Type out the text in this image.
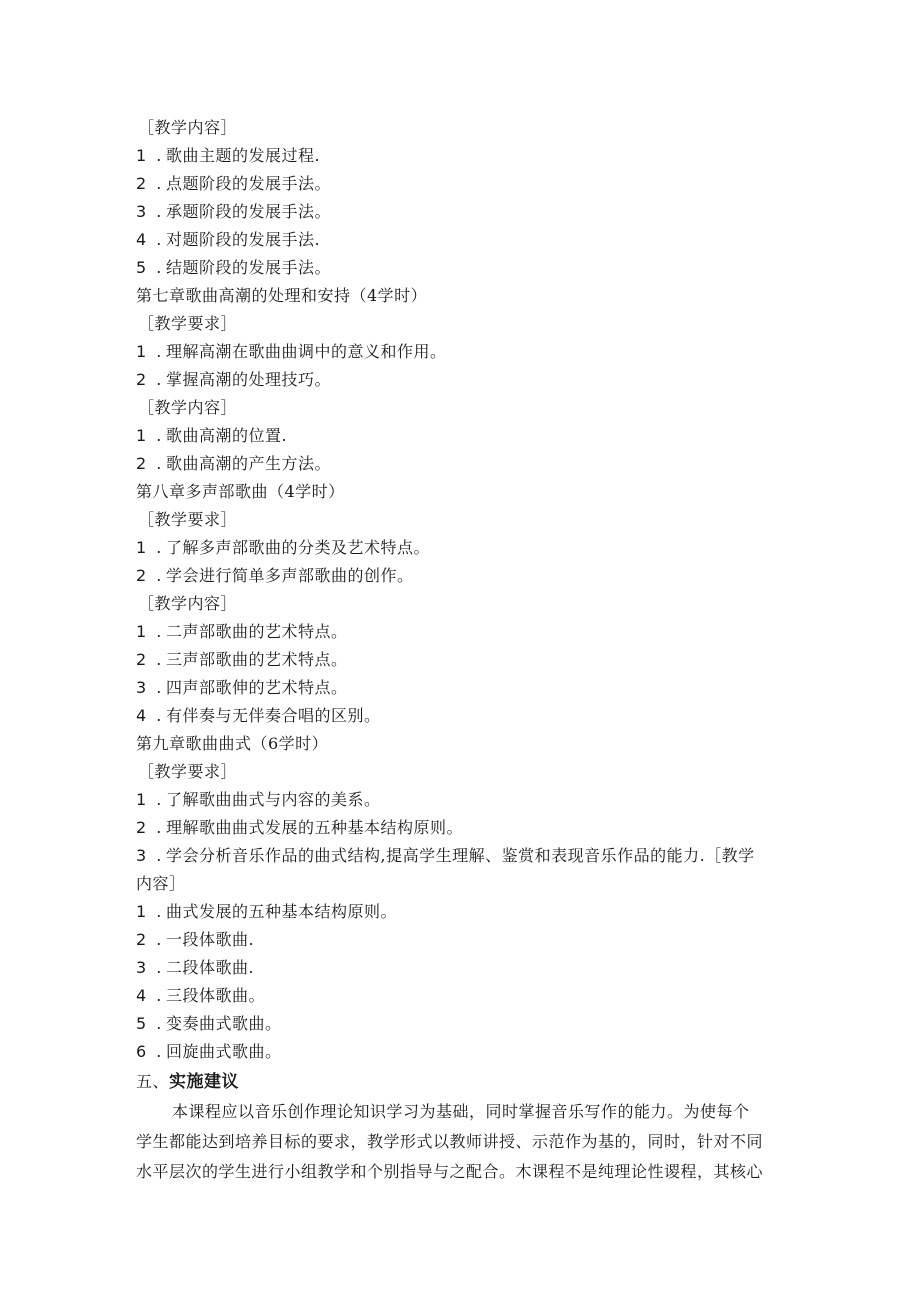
［教学内容］
1 . 歌曲主题的发展过程.
2 . 点题阶段的发展手法。
3 . 承题阶段的发展手法。
4 . 对题阶段的发展手法.
5 . 结题阶段的发展手法。
第七章歌曲高潮的处理和安持（4学时）
［教学要求］
1 . 理解高潮在歌曲曲调中的意义和作用。
2 . 掌握高潮的处理技巧。
［教学内容］
1 . 歌曲高潮的位置.
2 . 歌曲高潮的产生方法。
第八章多声部歌曲（4学时）
［教学要求］
1 . 了解多声部歌曲的分类及艺术特点。
2 . 学会进行简单多声部歌曲的创作。
［教学内容］
1 . 二声部歌曲的艺术特点。
2 . 三声部歌曲的艺术特点。
3 . 四声部歌伸的艺术特点。
4 . 有伴奏与无伴奏合唱的区别。
第九章歌曲曲式（6学时）
［教学要求］
1 . 了解歌曲曲式与内容的美系。
2 . 理解歌曲曲式发展的五种基本结构原则。
3 . 学会分析音乐作品的曲式结构,提高学生理解、鉴赏和表现音乐作品的能力.［教学
内容］
1 . 曲式发展的五种基本结构原则。
2 . 一段体歌曲.
3 . 二段体歌曲.
4 . 三段体歌曲。
5 . 变奏曲式歌曲。
6 . 回旋曲式歌曲。
五、实施建议
本课程应以音乐创作理论知识学习为基础，同时掌握音乐写作的能力。为使每个
学生都能达到培养目标的要求，教学形式以教师讲授、示范作为基的，同时，针对不同
水平层次的学生进行小组教学和个别指导与之配合。木课程不是纯理论性谡程，其核心
